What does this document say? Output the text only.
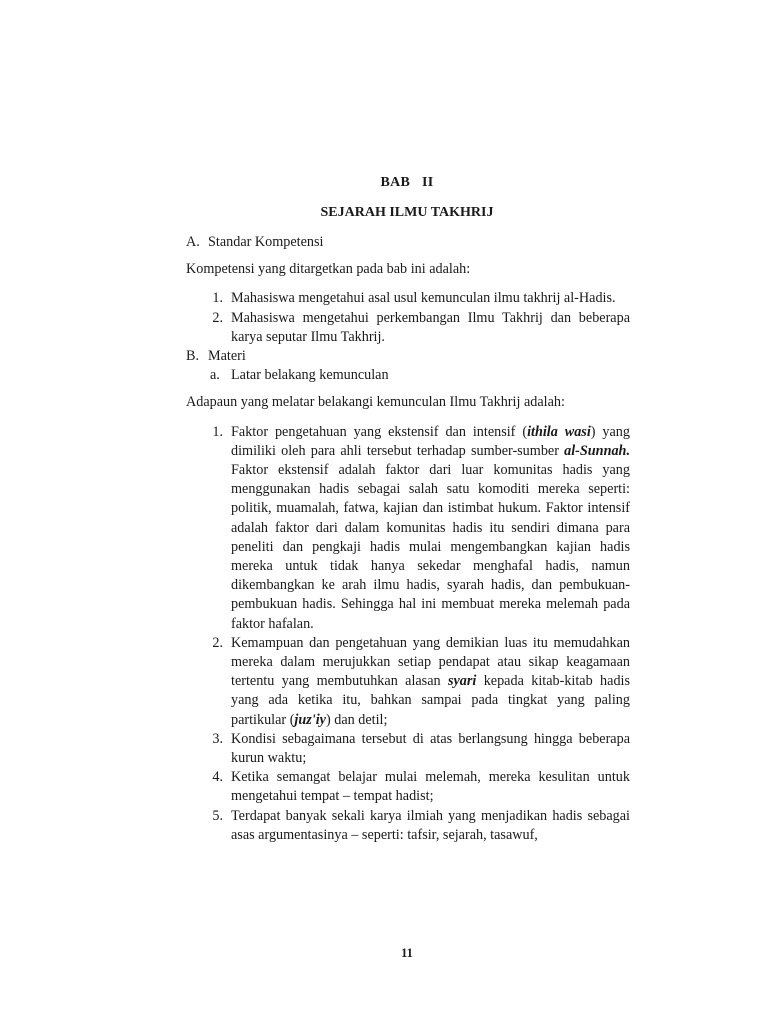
BAB II
SEJARAH ILMU TAKHRIJ
A. Standar Kompetensi

Kompetensi yang ditargetkan pada bab ini adalah:

1. Mahasiswa mengetahui asal usul kemunculan ilmu takhrij al-Hadis.
2. Mahasiswa mengetahui perkembangan Ilmu Takhrij dan beberapa karya seputar Ilmu Takhrij.
B. Materi
a. Latar belakang kemunculan

Adapaun yang melatar belakangi kemunculan Ilmu Takhrij adalah:

1. Faktor pengetahuan yang ekstensif dan intensif (ithila wasi) yang dimiliki oleh para ahli tersebut terhadap sumber-sumber al-Sunnah. Faktor ekstensif adalah faktor dari luar komunitas hadis yang menggunakan hadis sebagai salah satu komoditi mereka seperti: politik, muamalah, fatwa, kajian dan istimbat hukum. Faktor intensif adalah faktor dari dalam komunitas hadis itu sendiri dimana para peneliti dan pengkaji hadis mulai mengembangkan kajian hadis mereka untuk tidak hanya sekedar menghafal hadis, namun dikembangkan ke arah ilmu hadis, syarah hadis, dan pembukuan-pembukuan hadis. Sehingga hal ini membuat mereka melemah pada faktor hafalan.
2. Kemampuan dan pengetahuan yang demikian luas itu memudahkan mereka dalam merujukkan setiap pendapat atau sikap keagamaan tertentu yang membutuhkan alasan syari kepada kitab-kitab hadis yang ada ketika itu, bahkan sampai pada tingkat yang paling partikular (juz'iy) dan detil;
3. Kondisi sebagaimana tersebut di atas berlangsung hingga beberapa kurun waktu;
4. Ketika semangat belajar mulai melemah, mereka kesulitan untuk mengetahui tempat – tempat hadist;
5. Terdapat banyak sekali karya ilmiah yang menjadikan hadis sebagai asas argumentasinya – seperti: tafsir, sejarah, tasawuf,
11
